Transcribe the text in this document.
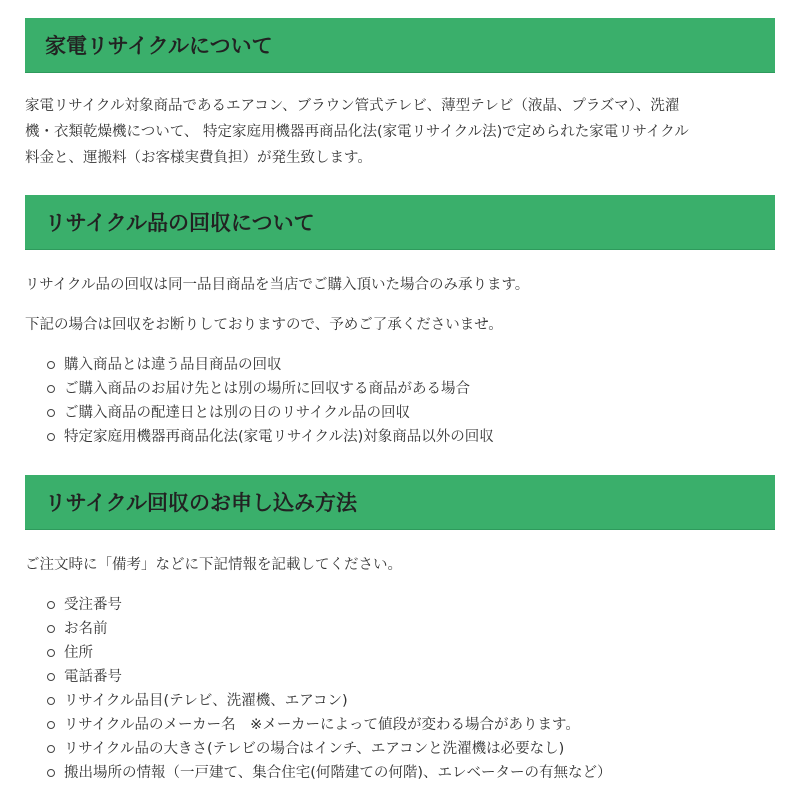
家電リサイクルについて

家電リサイクル対象商品であるエアコン、ブラウン管式テレビ、薄型テレビ（液晶、プラズマ）、洗濯
機・衣類乾燥機について、 特定家庭用機器再商品化法(家電リサイクル法)で定められた家電リサイクル
料金と、運搬料（お客様実費負担）が発生致します。

リサイクル品の回収について

リサイクル品の回収は同一品目商品を当店でご購入頂いた場合のみ承ります。

下記の場合は回収をお断りしておりますので、予めご了承くださいませ。

購入商品とは違う品目商品の回収
ご購入商品のお届け先とは別の場所に回収する商品がある場合
ご購入商品の配達日とは別の日のリサイクル品の回収
特定家庭用機器再商品化法(家電リサイクル法)対象商品以外の回収
リサイクル回収のお申し込み方法

ご注文時に「備考」などに下記情報を記載してください。

受注番号
お名前
住所
電話番号
リサイクル品目(テレビ、洗濯機、エアコン)
リサイクル品のメーカー名　※メーカーによって値段が変わる場合があります。
リサイクル品の大きさ(テレビの場合はインチ、エアコンと洗濯機は必要なし)
搬出場所の情報（一戸建て、集合住宅(何階建ての何階)、エレベーターの有無など）
